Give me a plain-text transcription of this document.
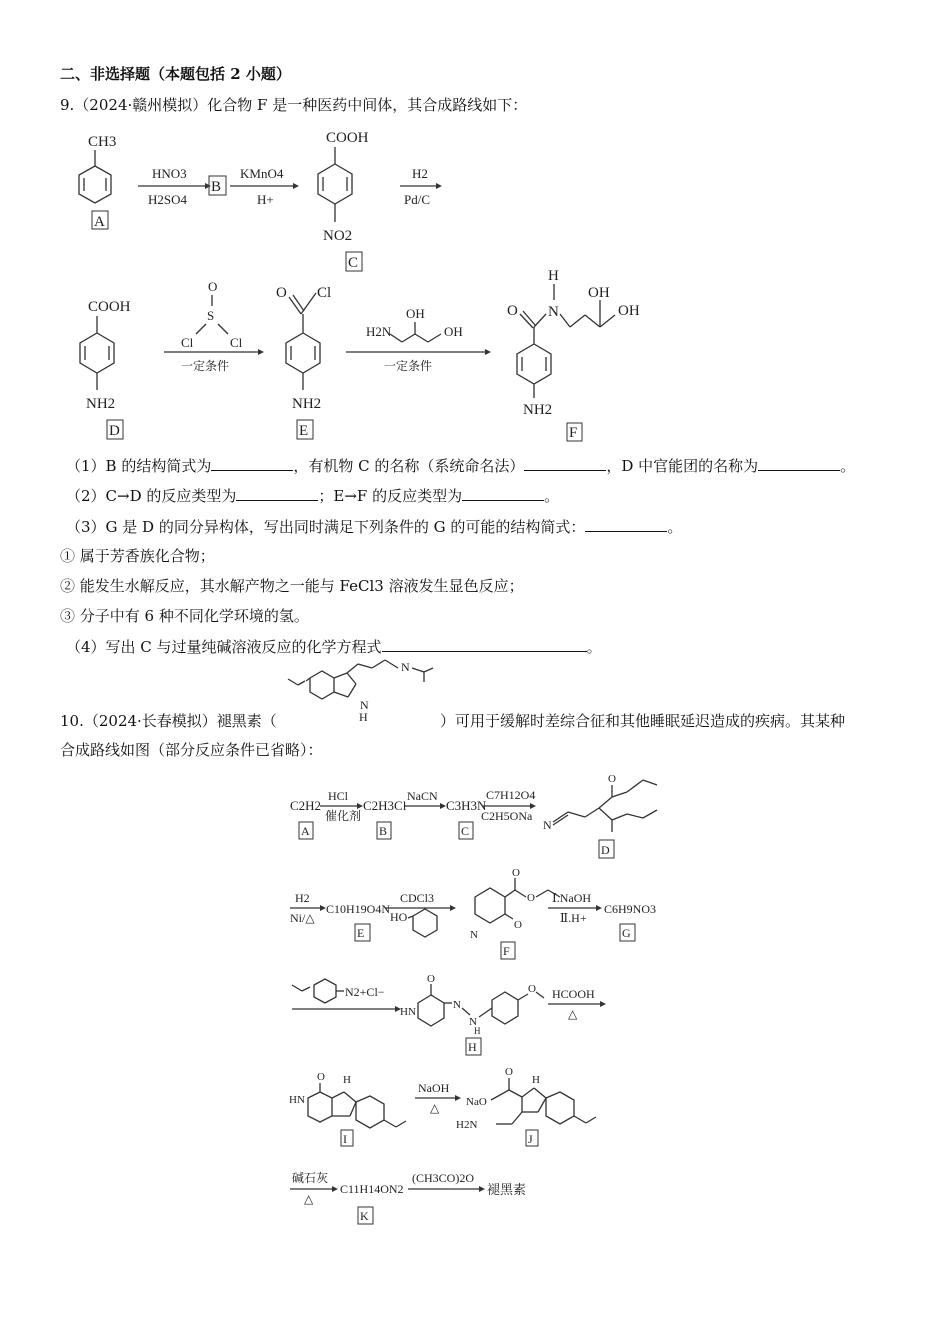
二、非选择题（本题包括 2 小题）
9.（2024·赣州模拟）化合物 F 是一种医药中间体，其合成路线如下：
（1）B 的结构简式为	，有机物 C 的名称（系统命名法）	，D 中官能团的名称为	。
（2）C→D 的反应类型为	；E→F 的反应类型为	。
（3）G 是 D 的同分异构体，写出同时满足下列条件的 G 的可能的结构简式：	。
① 属于芳香族化合物；
② 能发生水解反应，其水解产物之一能与 FeCl3 溶液发生显色反应；
③ 分子中有 6 种不同化学环境的氢。
（4）写出 C 与过量纯碱溶液反应的化学方程式	。
10.（2024·长春模拟）褪黑素（	）可用于缓解时差综合征和其他睡眠延迟造成的疾病。其某种
合成路线如图（部分反应条件已省略）：
CH3
A
HNO3
H2SO4
B
KMnO4
H+
COOH
NO2
C
H2
Pd/C
COOH
NH2
D
O
S
Cl	Cl
一定条件
O Cl
NH2
E
H2N
OH
OH
一定条件
H
N
O
OH
OH
NH2
F
H
N
N
C2H2
A
HCl
催化剂
C2H3Cl
B
NaCN
C3H3N
C
C7H12O4
C2H5ONa
N
O
D
H2
Ni/△
C10H19O4N
E
CDCl3
HO
N
O
O
O
F
Ⅰ.NaOH
Ⅱ.H+
C6H9NO3
G
N2+Cl−
HN
O
N
N
H
O
H
HCOOH
△
O
HN
H
I
NaOH
△
O
NaO
H
H2N
J
碱石灰
△
C11H14ON2
K
(CH3CO)2O
褪黑素
